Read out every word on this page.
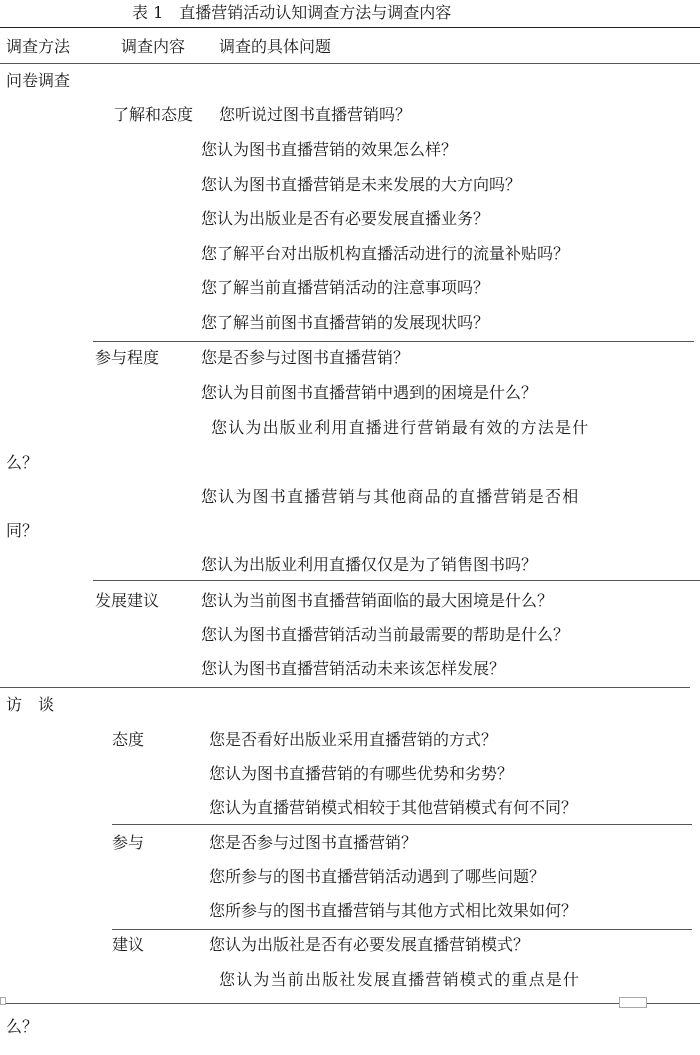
表 1　直播营销活动认知调查方法与调查内容
调查方法	调查内容 调查的具体问题
问卷调查
了解和态度 您听说过图书直播营销吗？
您认为图书直播营销的效果怎么样？
您认为图书直播营销是未来发展的大方向吗？
您认为出版业是否有必要发展直播业务？
您了解平台对出版机构直播活动进行的流量补贴吗？
您了解当前直播营销活动的注意事项吗？
您了解当前图书直播营销的发展现状吗？
参与程度	您是否参与过图书直播营销？
您认为目前图书直播营销中遇到的困境是什么？
您认为出版业利用直播进行营销最有效的方法是什
么？
您认为图书直播营销与其他商品的直播营销是否相
同？
您认为出版业利用直播仅仅是为了销售图书吗？
发展建议	您认为当前图书直播营销面临的最大困境是什么？
您认为图书直播营销活动当前最需要的帮助是什么？
您认为图书直播营销活动未来该怎样发展？
访　谈
态度	您是否看好出版业采用直播营销的方式？
您认为图书直播营销的有哪些优势和劣势？
您认为直播营销模式相较于其他营销模式有何不同？
参与	您是否参与过图书直播营销？
您所参与的图书直播营销活动遇到了哪些问题？
您所参与的图书直播营销与其他方式相比效果如何？
建议	您认为出版社是否有必要发展直播营销模式？
您认为当前出版社发展直播营销模式的重点是什
么？
